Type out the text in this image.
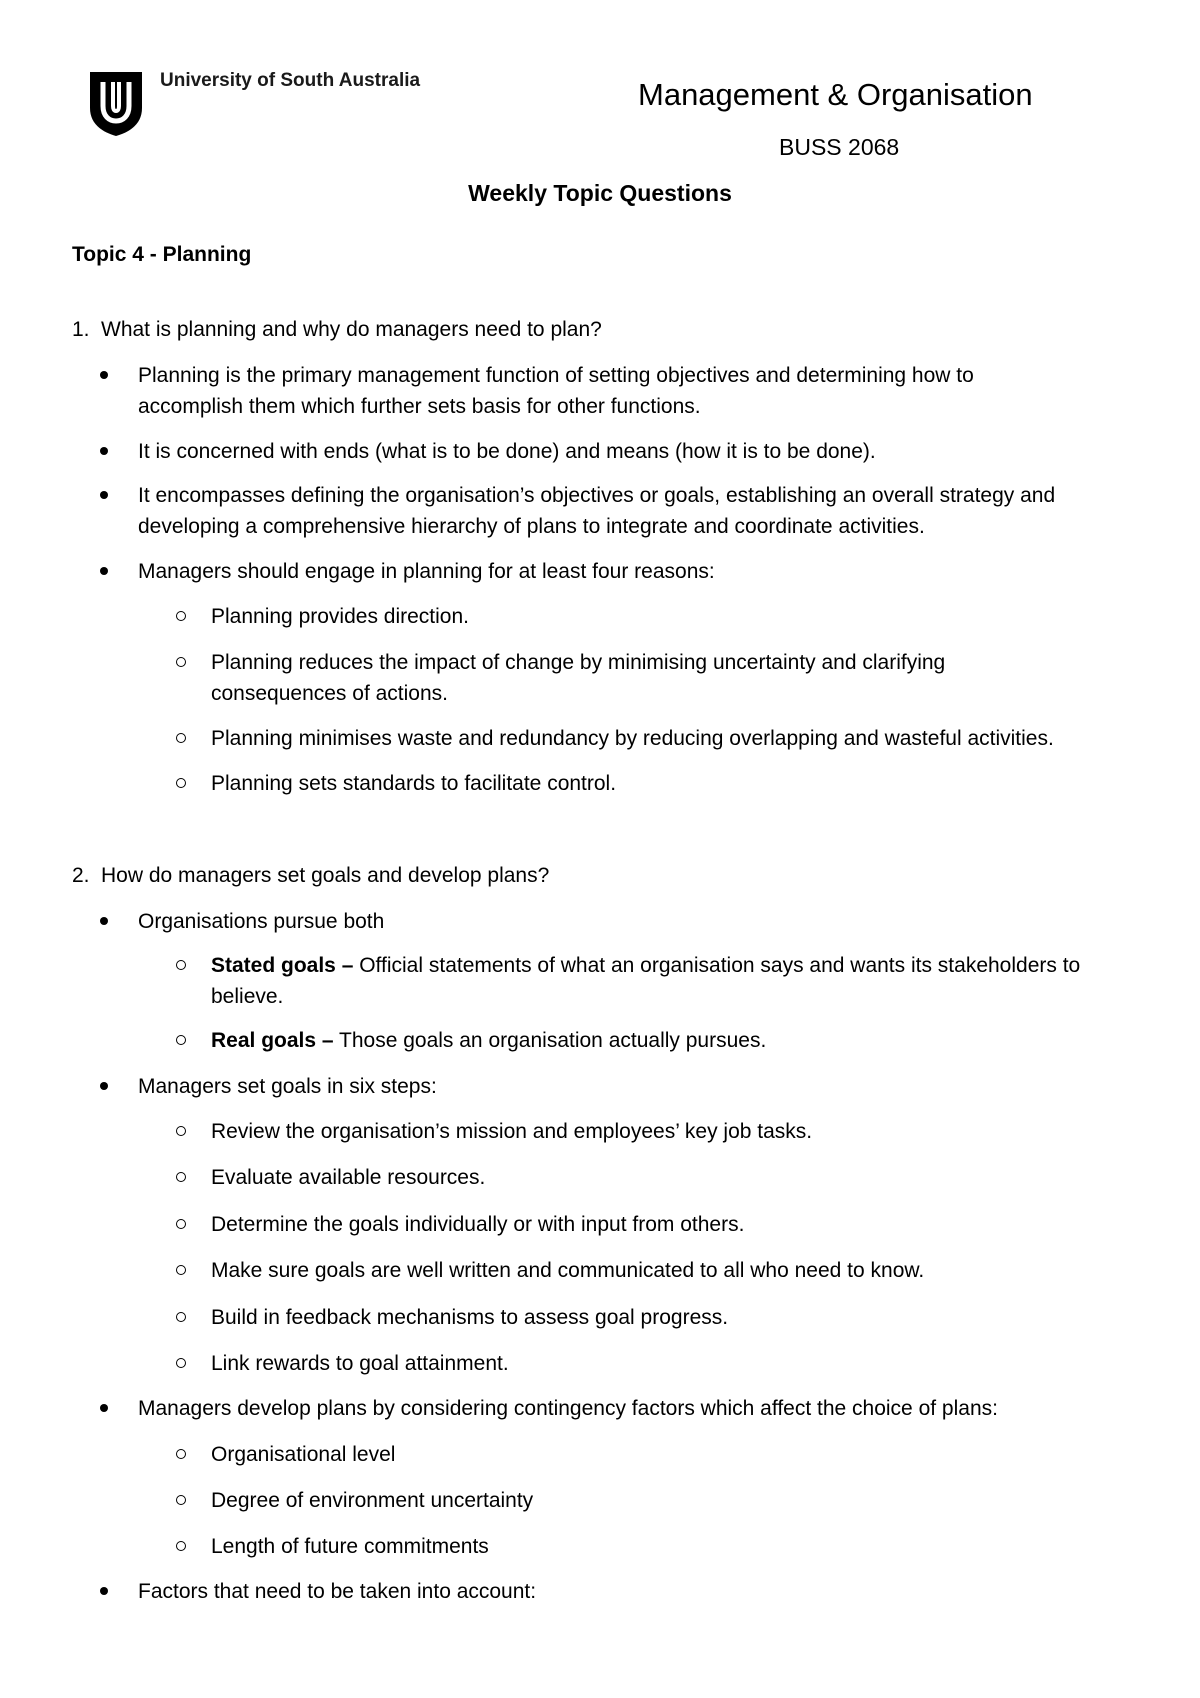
University of South Australia	Management & Organisation
BUSS 2068
Weekly Topic Questions
Topic 4 - Planning
1. What is planning and why do managers need to plan?
Planning is the primary management function of setting objectives and determining how to
accomplish them which further sets basis for other functions.
It is concerned with ends (what is to be done) and means (how it is to be done).
It encompasses defining the organisation’s objectives or goals, establishing an overall strategy and
developing a comprehensive hierarchy of plans to integrate and coordinate activities.
Managers should engage in planning for at least four reasons:
Planning provides direction.
Planning reduces the impact of change by minimising uncertainty and clarifying
consequences of actions.
Planning minimises waste and redundancy by reducing overlapping and wasteful activities.
Planning sets standards to facilitate control.
2. How do managers set goals and develop plans?
Organisations pursue both
Stated goals – Official statements of what an organisation says and wants its stakeholders to
believe.
Real goals – Those goals an organisation actually pursues.
Managers set goals in six steps:
Review the organisation’s mission and employees’ key job tasks.
Evaluate available resources.
Determine the goals individually or with input from others.
Make sure goals are well written and communicated to all who need to know.
Build in feedback mechanisms to assess goal progress.
Link rewards to goal attainment.
Managers develop plans by considering contingency factors which affect the choice of plans:
Organisational level
Degree of environment uncertainty
Length of future commitments
Factors that need to be taken into account:
